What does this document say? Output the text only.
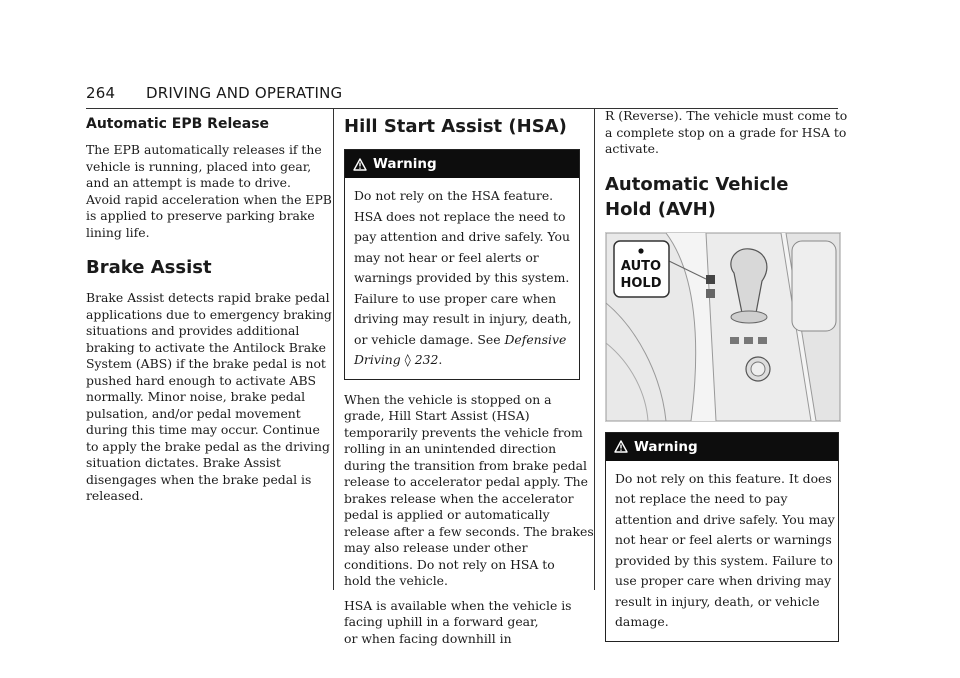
264 DRIVING AND OPERATING
Automatic EPB Release

The EPB automatically releases if the
vehicle is running, placed into gear,
and an attempt is made to drive.
Avoid rapid acceleration when the EPB
is applied to preserve parking brake
lining life.

Brake Assist

Brake Assist detects rapid brake pedal
applications due to emergency braking
situations and provides additional
braking to activate the Antilock Brake
System (ABS) if the brake pedal is not
pushed hard enough to activate ABS
normally. Minor noise, brake pedal
pulsation, and/or pedal movement
during this time may occur. Continue
to apply the brake pedal as the driving
situation dictates. Brake Assist
disengages when the brake pedal is
released.

Hill Start Assist (HSA)
Warning
Do not rely on the HSA feature.
HSA does not replace the need to
pay attention and drive safely. You
may not hear or feel alerts or
warnings provided by this system.
Failure to use proper care when
driving may result in injury, death,
or vehicle damage. See Defensive
Driving ◊ 232.

When the vehicle is stopped on a
grade, Hill Start Assist (HSA)
temporarily prevents the vehicle from
rolling in an unintended direction
during the transition from brake pedal
release to accelerator pedal apply. The
brakes release when the accelerator
pedal is applied or automatically
release after a few seconds. The brakes
may also release under other
conditions. Do not rely on HSA to
hold the vehicle.

HSA is available when the vehicle is
facing uphill in a forward gear,
or when facing downhill in

R (Reverse). The vehicle must come to
a complete stop on a grade for HSA to
activate.

Automatic Vehicle
Hold (AVH)
AUTO
HOLD
Warning
Do not rely on this feature. It does
not replace the need to pay
attention and drive safely. You may
not hear or feel alerts or warnings
provided by this system. Failure to
use proper care when driving may
result in injury, death, or vehicle
damage.
